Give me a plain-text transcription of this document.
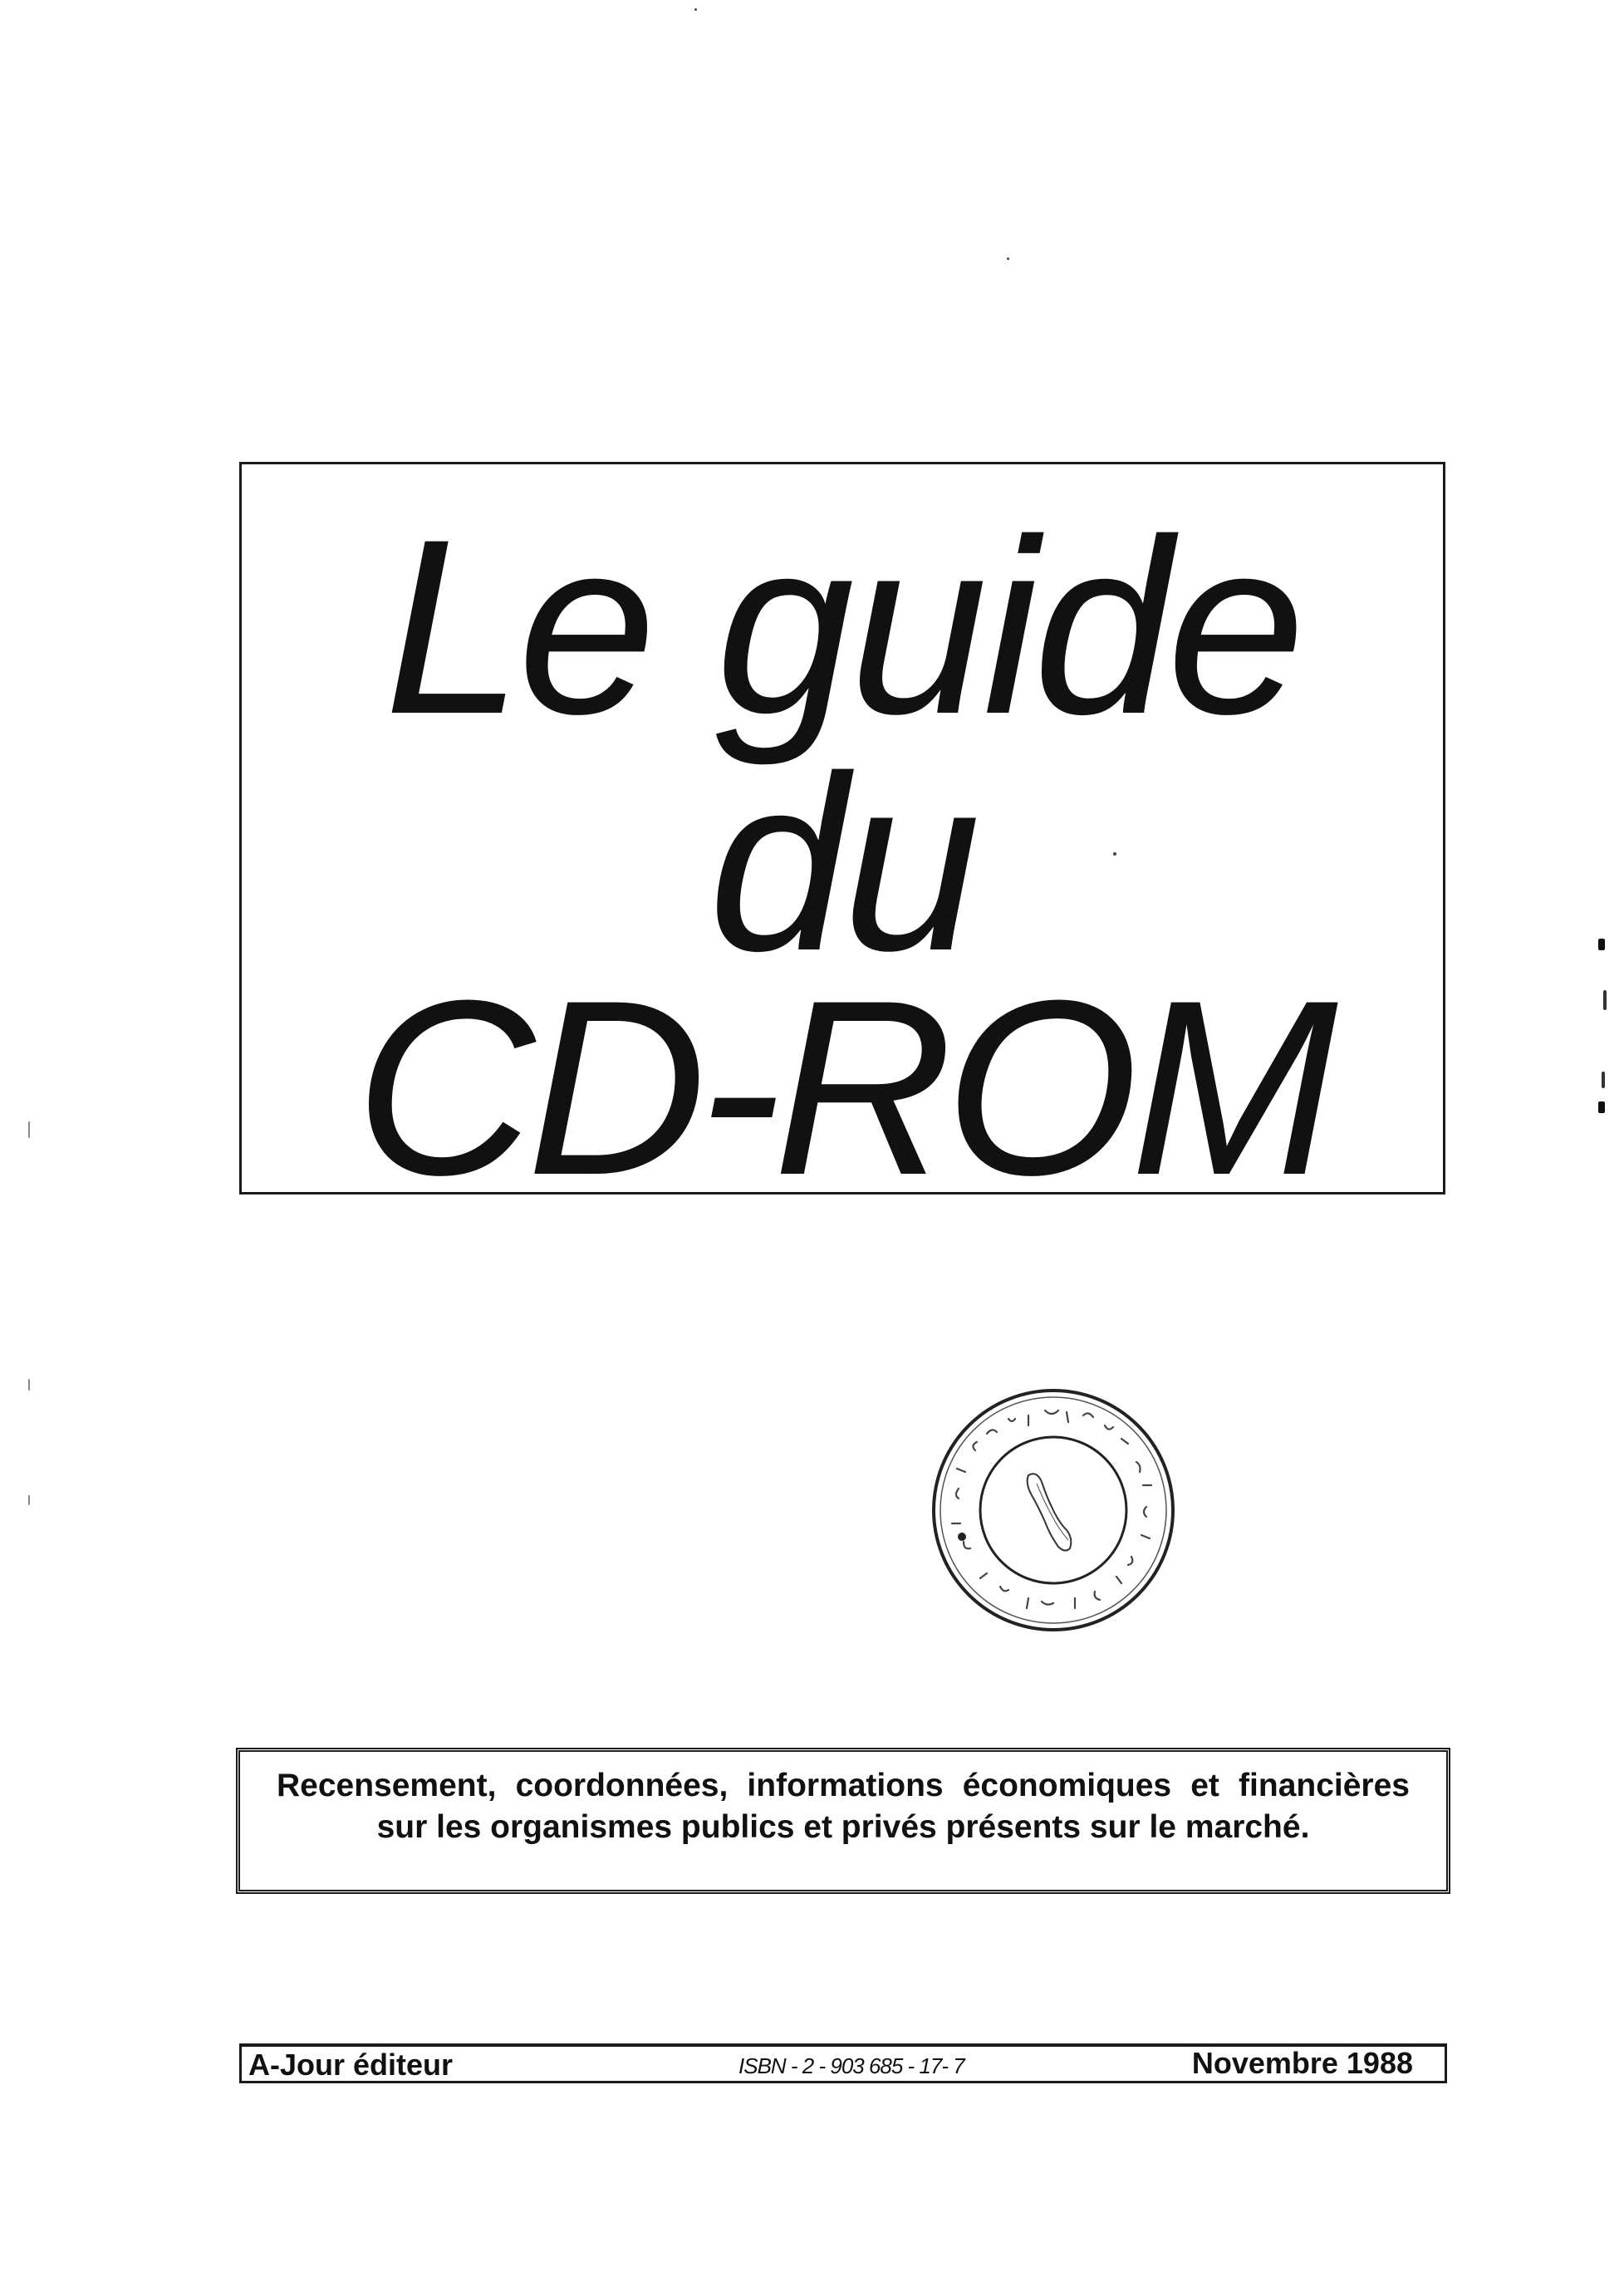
Le guide
du
CD-ROM

Recensement, coordonnées, informations économiques et financières sur les organismes publics et privés présents sur le marché.

A-Jour éditeur	ISBN - 2 - 903 685 - 17- 7	Novembre 1988
